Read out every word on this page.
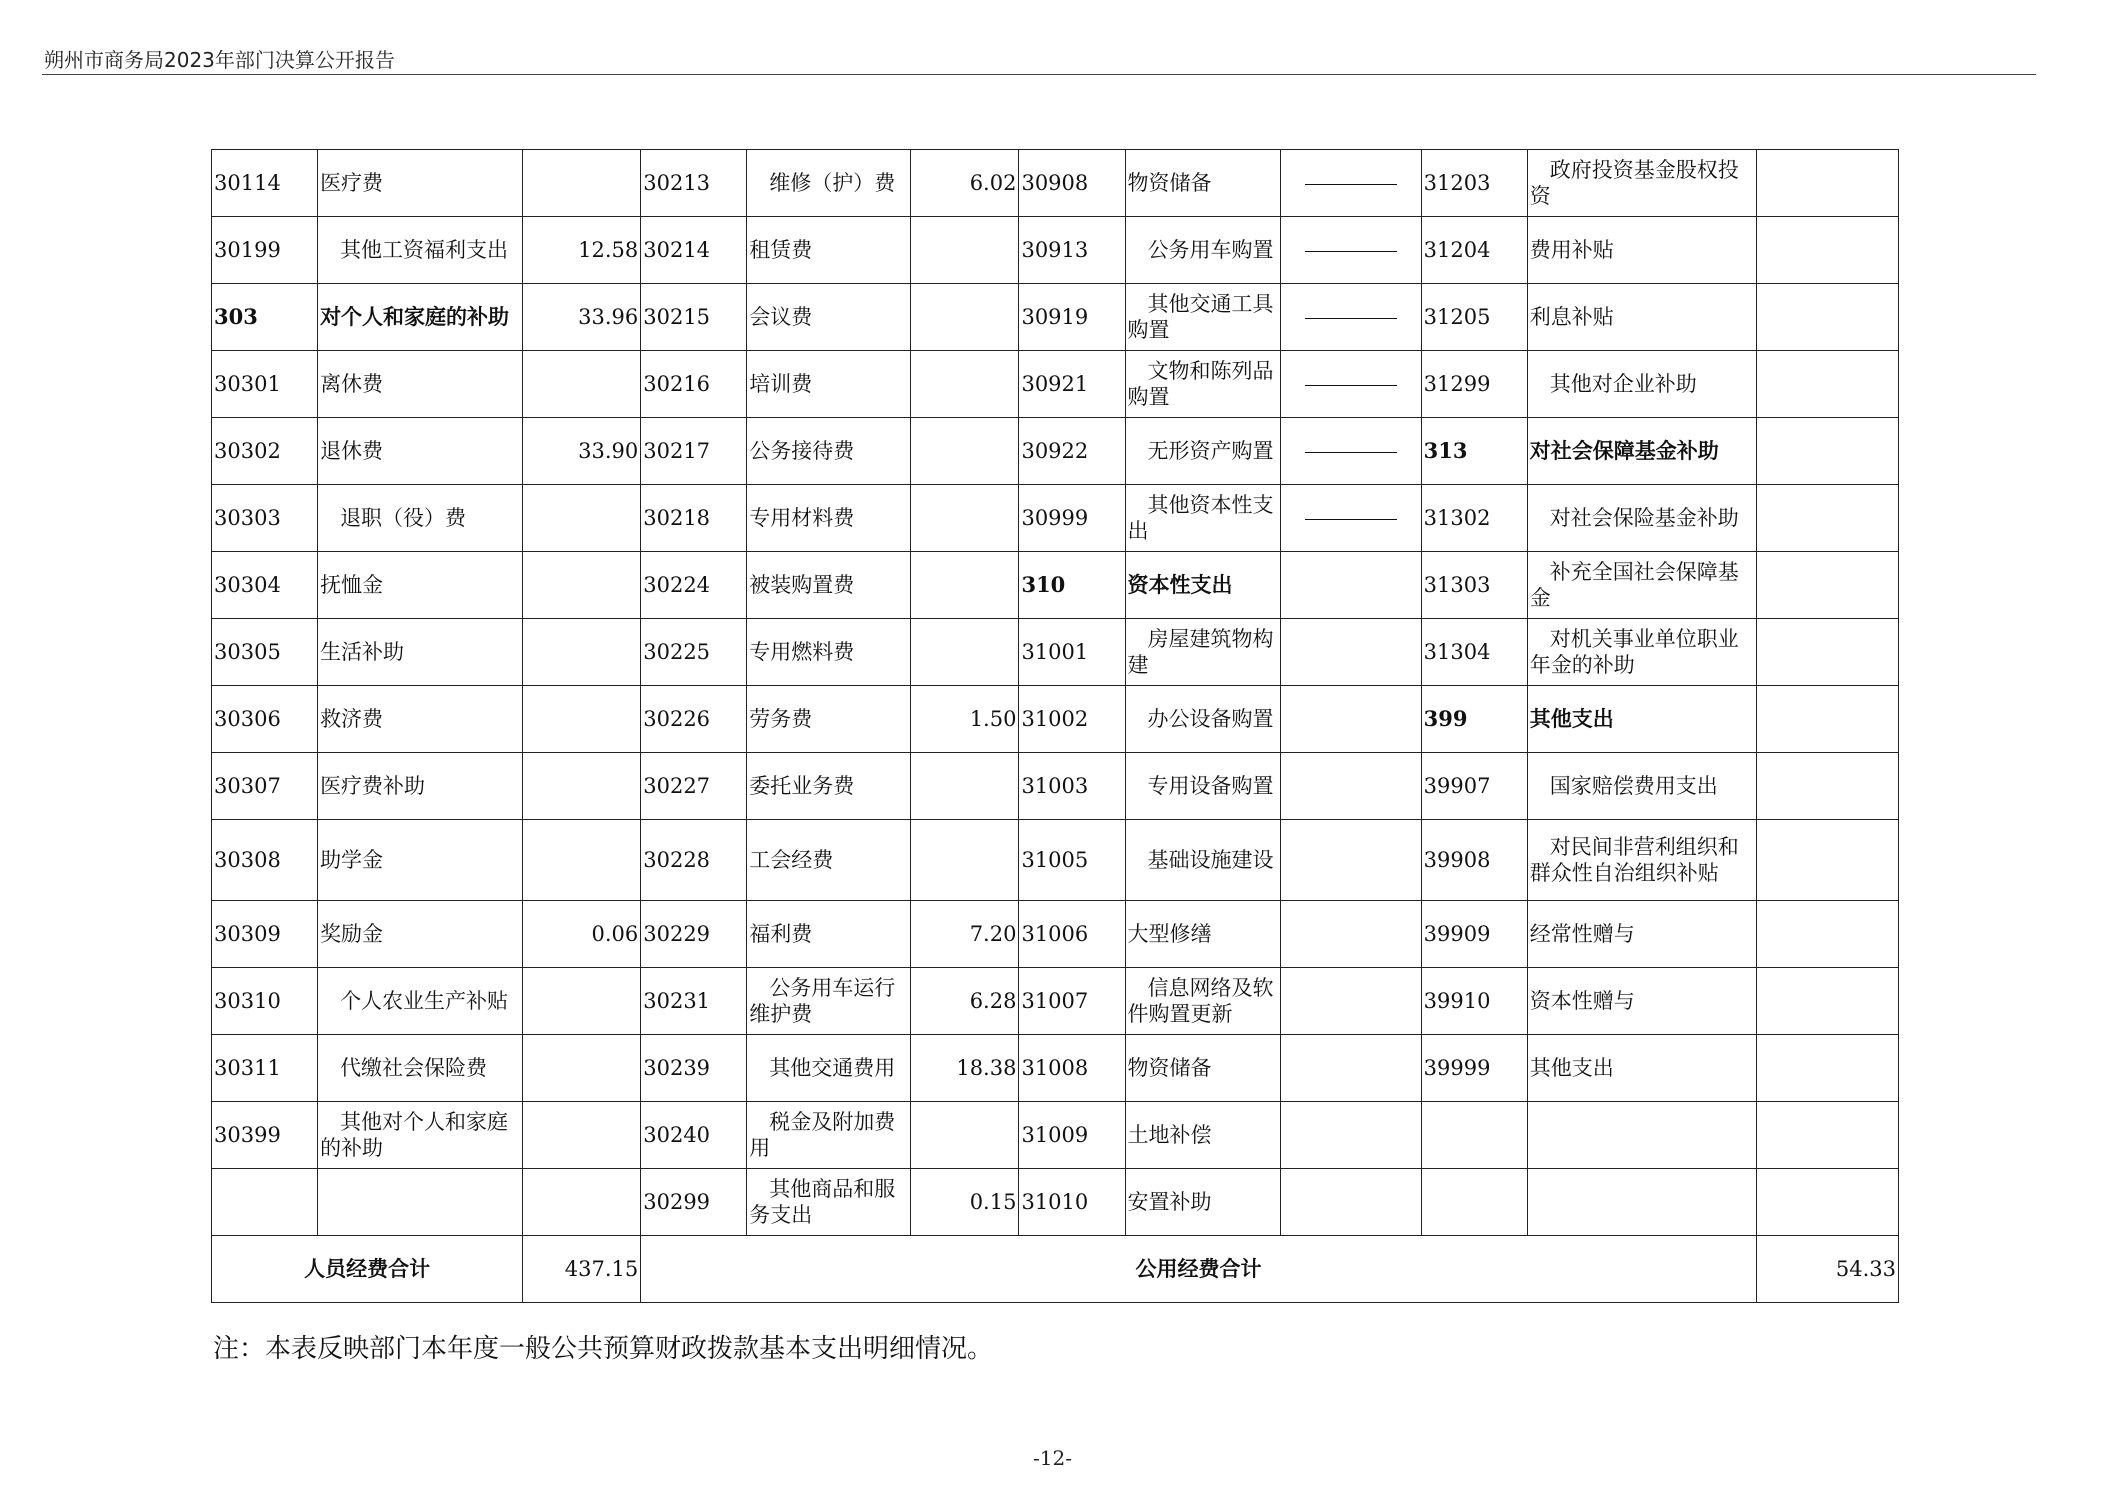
朔州市商务局2023年部门决算公开报告
30114	医疗费		30213	维修（护）费	6.02	30908	物资储备		31203	政府投资基金股权投资	
30199	其他工资福利支出	12.58	30214	租赁费		30913	公务用车购置		31204	费用补贴	
303	对个人和家庭的补助	33.96	30215	会议费		30919	其他交通工具购置		31205	利息补贴	
30301	离休费		30216	培训费		30921	文物和陈列品购置		31299	其他对企业补助	
30302	退休费	33.90	30217	公务接待费		30922	无形资产购置		313	对社会保障基金补助	
30303	退职（役）费		30218	专用材料费		30999	其他资本性支出		31302	对社会保险基金补助	
30304	抚恤金		30224	被装购置费		310	资本性支出		31303	补充全国社会保障基金	
30305	生活补助		30225	专用燃料费		31001	房屋建筑物构建		31304	对机关事业单位职业年金的补助	
30306	救济费		30226	劳务费	1.50	31002	办公设备购置		399	其他支出	
30307	医疗费补助		30227	委托业务费		31003	专用设备购置		39907	国家赔偿费用支出	
30308	助学金		30228	工会经费		31005	基础设施建设		39908	对民间非营利组织和群众性自治组织补贴	
30309	奖励金	0.06	30229	福利费	7.20	31006	大型修缮		39909	经常性赠与	
30310	个人农业生产补贴		30231	公务用车运行维护费	6.28	31007	信息网络及软件购置更新		39910	资本性赠与	
30311	代缴社会保险费		30239	其他交通费用	18.38	31008	物资储备		39999	其他支出	
30399	其他对个人和家庭的补助		30240	税金及附加费用		31009	土地补偿				
			30299	其他商品和服务支出	0.15	31010	安置补助				
人员经费合计		437.15	公用经费合计								54.33
注：本表反映部门本年度一般公共预算财政拨款基本支出明细情况。
-12-
